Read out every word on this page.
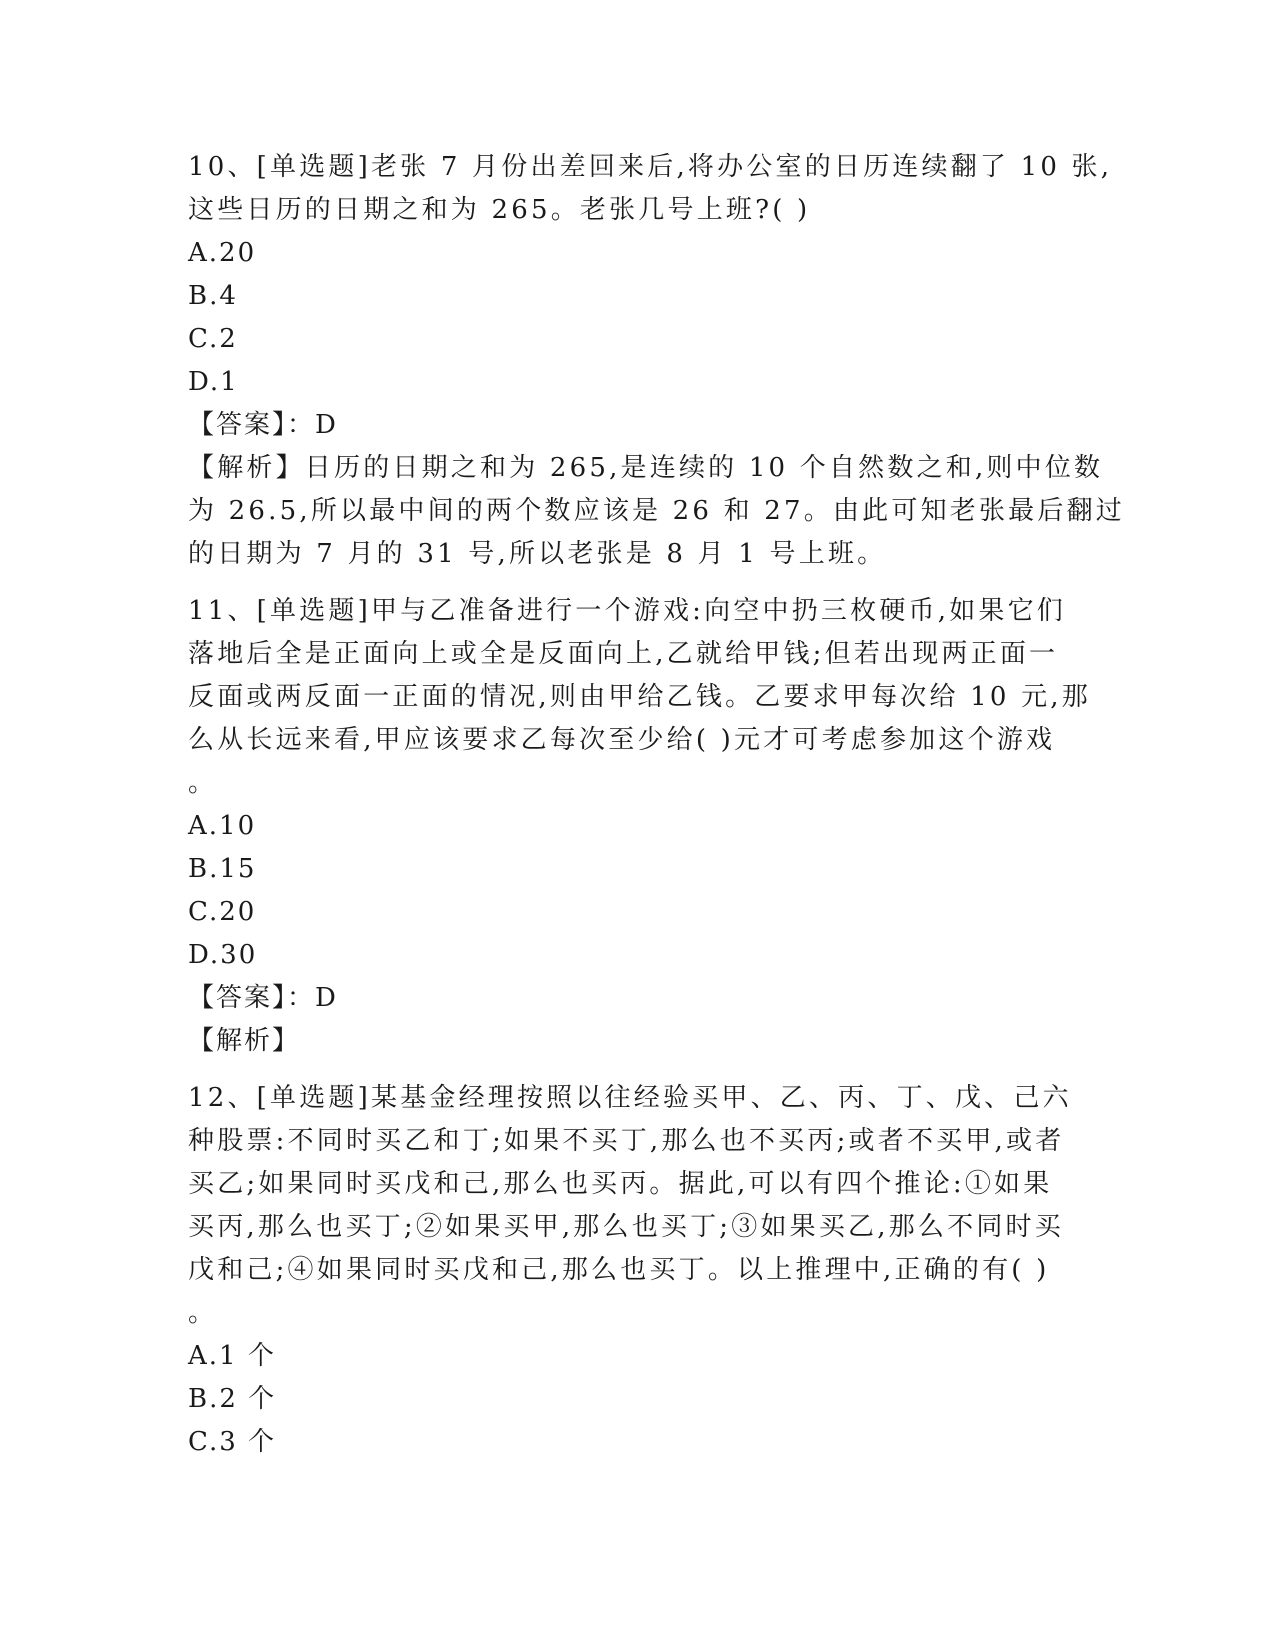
10、[单选题]老张 7 月份出差回来后,将办公室的日历连续翻了 10 张,
这些日历的日期之和为 265。老张几号上班?( )
A.20
B.4
C.2
D.1
【答案】：D
【解析】日历的日期之和为 265,是连续的 10 个自然数之和,则中位数
为 26.5,所以最中间的两个数应该是 26 和 27。由此可知老张最后翻过
的日期为 7 月的 31 号,所以老张是 8 月 1 号上班。
11、[单选题]甲与乙准备进行一个游戏:向空中扔三枚硬币,如果它们
落地后全是正面向上或全是反面向上,乙就给甲钱;但若出现两正面一
反面或两反面一正面的情况,则由甲给乙钱。乙要求甲每次给 10 元,那
么从长远来看,甲应该要求乙每次至少给( )元才可考虑参加这个游戏
。
A.10
B.15
C.20
D.30
【答案】：D
【解析】
12、[单选题]某基金经理按照以往经验买甲、乙、丙、丁、戊、己六
种股票:不同时买乙和丁;如果不买丁,那么也不买丙;或者不买甲,或者
买乙;如果同时买戊和己,那么也买丙。据此,可以有四个推论:①如果
买丙,那么也买丁;②如果买甲,那么也买丁;③如果买乙,那么不同时买
戊和己;④如果同时买戊和己,那么也买丁。以上推理中,正确的有( )
。
A.1 个
B.2 个
C.3 个
